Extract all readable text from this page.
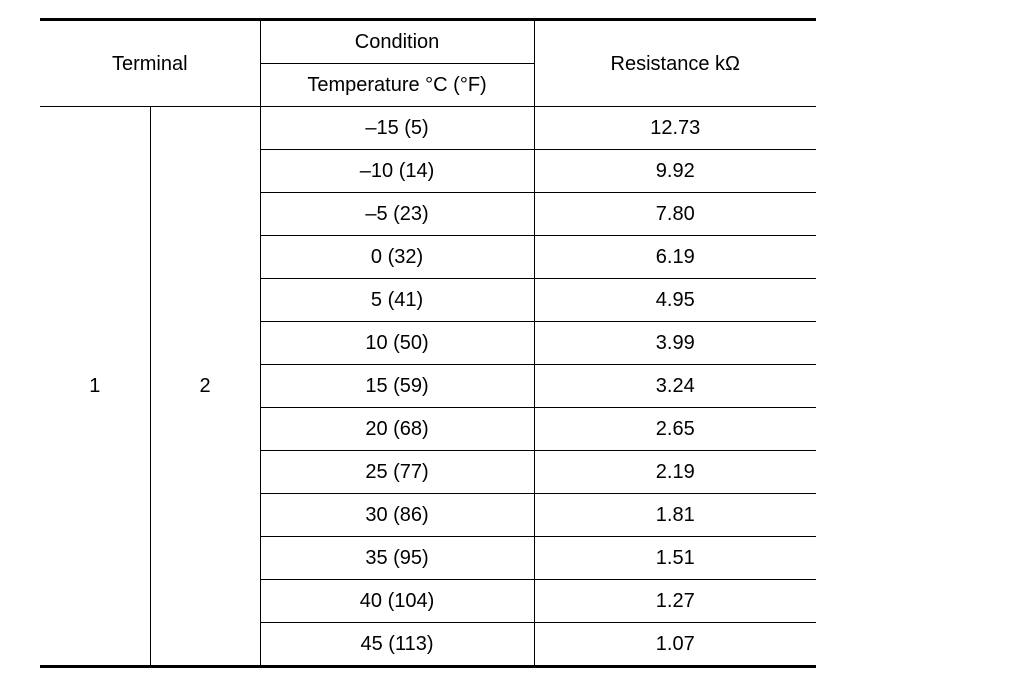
Terminal		Condition	Resistance kΩ
		Temperature °C (°F)	
1	2	–15 (5)	12.73
		–10 (14)	9.92
		–5 (23)	7.80
		0 (32)	6.19
		5 (41)	4.95
		10 (50)	3.99
		15 (59)	3.24
		20 (68)	2.65
		25 (77)	2.19
		30 (86)	1.81
		35 (95)	1.51
		40 (104)	1.27
		45 (113)	1.07
